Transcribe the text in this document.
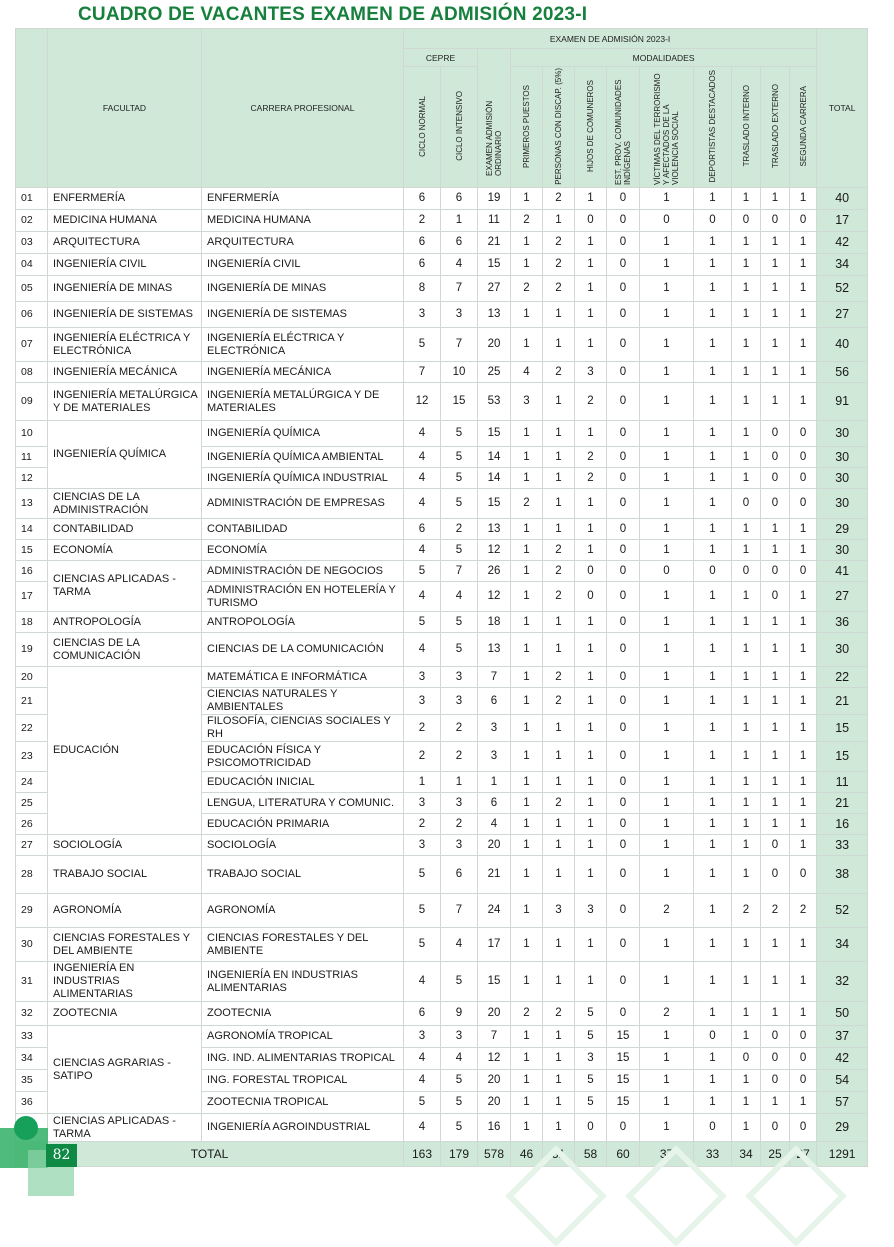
CUADRO DE VACANTES EXAMEN DE ADMISIÓN 2023-I
	FACULTAD	CARRERA PROFESIONAL	EXAMEN DE ADMISIÓN 2023-I												TOTAL
			CEPRE		EXAMEN ADMISIÓN ORDINARIO	MODALIDADES									
			CICLO NORMAL	CICLO INTENSIVO		PRIMEROS PUESTOS	PERSONAS CON DISCAP. (5%)	HIJOS DE COMUNEROS	EST. PROV. COMUNIDADES INDÍGENAS	VÍCTIMAS DEL TERRORISMO Y AFECTADOS DE LA VIOLENCIA SOCIAL	DEPORTISTAS DESTACADOS	TRASLADO INTERNO	TRASLADO EXTERNO	SEGUNDA CARRERA	
01	ENFERMERÍA	ENFERMERÍA	6	6	19	1	2	1	0	1	1	1	1	1	40
02	MEDICINA HUMANA	MEDICINA HUMANA	2	1	11	2	1	0	0	0	0	0	0	0	17
03	ARQUITECTURA	ARQUITECTURA	6	6	21	1	2	1	0	1	1	1	1	1	42
04	INGENIERÍA CIVIL	INGENIERÍA CIVIL	6	4	15	1	2	1	0	1	1	1	1	1	34
05	INGENIERÍA DE MINAS	INGENIERÍA DE MINAS	8	7	27	2	2	1	0	1	1	1	1	1	52
06	INGENIERÍA DE SISTEMAS	INGENIERÍA DE SISTEMAS	3	3	13	1	1	1	0	1	1	1	1	1	27
07	INGENIERÍA ELÉCTRICA Y ELECTRÓNICA	INGENIERÍA ELÉCTRICA Y ELECTRÓNICA	5	7	20	1	1	1	0	1	1	1	1	1	40
08	INGENIERÍA MECÁNICA	INGENIERÍA MECÁNICA	7	10	25	4	2	3	0	1	1	1	1	1	56
09	INGENIERÍA METALÚRGICA Y DE MATERIALES	INGENIERÍA METALÚRGICA Y DE MATERIALES	12	15	53	3	1	2	0	1	1	1	1	1	91
10	INGENIERÍA QUÍMICA	INGENIERÍA QUÍMICA	4	5	15	1	1	1	0	1	1	1	0	0	30
11		INGENIERÍA QUÍMICA AMBIENTAL	4	5	14	1	1	2	0	1	1	1	0	0	30
12		INGENIERÍA QUÍMICA INDUSTRIAL	4	5	14	1	1	2	0	1	1	1	0	0	30
13	CIENCIAS DE LA ADMINISTRACIÓN	ADMINISTRACIÓN DE EMPRESAS	4	5	15	2	1	1	0	1	1	0	0	0	30
14	CONTABILIDAD	CONTABILIDAD	6	2	13	1	1	1	0	1	1	1	1	1	29
15	ECONOMÍA	ECONOMÍA	4	5	12	1	2	1	0	1	1	1	1	1	30
16	CIENCIAS APLICADAS - TARMA	ADMINISTRACIÓN DE NEGOCIOS	5	7	26	1	2	0	0	0	0	0	0	0	41
17		ADMINISTRACIÓN EN HOTELERÍA Y TURISMO	4	4	12	1	2	0	0	1	1	1	0	1	27
18	ANTROPOLOGÍA	ANTROPOLOGÍA	5	5	18	1	1	1	0	1	1	1	1	1	36
19	CIENCIAS DE LA COMUNICACIÓN	CIENCIAS DE LA COMUNICACIÓN	4	5	13	1	1	1	0	1	1	1	1	1	30
20	EDUCACIÓN	MATEMÁTICA E INFORMÁTICA	3	3	7	1	2	1	0	1	1	1	1	1	22
21		CIENCIAS NATURALES Y AMBIENTALES	3	3	6	1	2	1	0	1	1	1	1	1	21
22		FILOSOFÍA, CIENCIAS SOCIALES Y RH	2	2	3	1	1	1	0	1	1	1	1	1	15
23		EDUCACIÓN FÍSICA Y PSICOMOTRICIDAD	2	2	3	1	1	1	0	1	1	1	1	1	15
24		EDUCACIÓN INICIAL	1	1	1	1	1	1	0	1	1	1	1	1	11
25		LENGUA, LITERATURA Y COMUNIC.	3	3	6	1	2	1	0	1	1	1	1	1	21
26		EDUCACIÓN PRIMARIA	2	2	4	1	1	1	0	1	1	1	1	1	16
27	SOCIOLOGÍA	SOCIOLOGÍA	3	3	20	1	1	1	0	1	1	1	0	1	33
28	TRABAJO SOCIAL	TRABAJO SOCIAL	5	6	21	1	1	1	0	1	1	1	0	0	38
29	AGRONOMÍA	AGRONOMÍA	5	7	24	1	3	3	0	2	1	2	2	2	52
30	CIENCIAS FORESTALES Y DEL AMBIENTE	CIENCIAS FORESTALES Y DEL AMBIENTE	5	4	17	1	1	1	0	1	1	1	1	1	34
31	INGENIERÍA EN INDUSTRIAS ALIMENTARIAS	INGENIERÍA EN INDUSTRIAS ALIMENTARIAS	4	5	15	1	1	1	0	1	1	1	1	1	32
32	ZOOTECNIA	ZOOTECNIA	6	9	20	2	2	5	0	2	1	1	1	1	50
33	CIENCIAS AGRARIAS - SATIPO	AGRONOMÍA TROPICAL	3	3	7	1	1	5	15	1	0	1	0	0	37
34		ING. IND. ALIMENTARIAS TROPICAL	4	4	12	1	1	3	15	1	1	0	0	0	42
35		ING. FORESTAL TROPICAL	4	5	20	1	1	5	15	1	1	1	0	0	54
36		ZOOTECNIA TROPICAL	5	5	20	1	1	5	15	1	1	1	1	1	57
	CIENCIAS APLICADAS - TARMA	INGENIERÍA AGROINDUSTRIAL	4	5	16	1	1	0	0	1	0	1	0	0	29
TOTAL			163	179	578	46	51	58	60	37	33	34	25	27	1291
82
